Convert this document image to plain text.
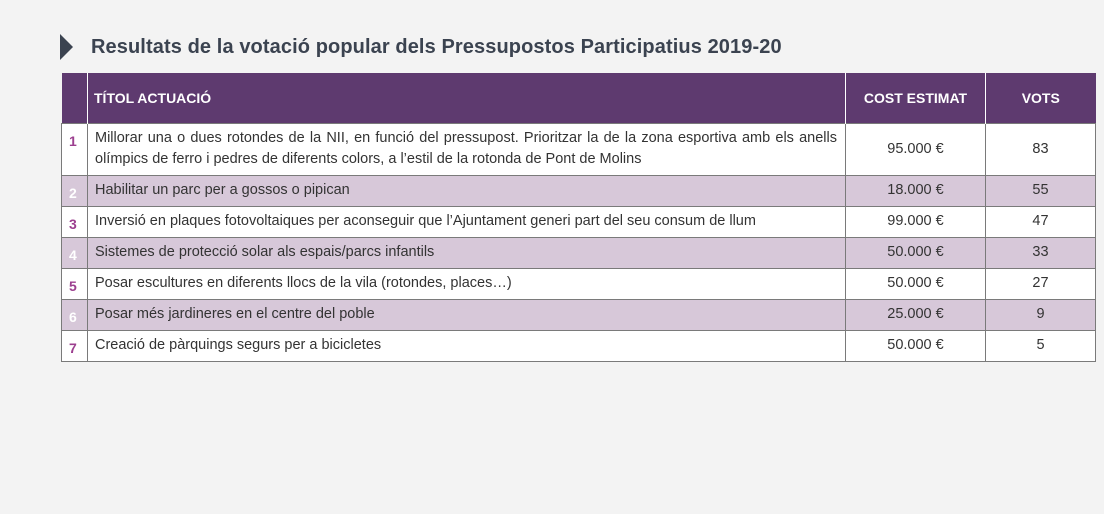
Resultats de la votació popular dels Pressupostos Participatius 2019-20
	TÍTOL ACTUACIÓ	COST ESTIMAT	VOTS
1	Millorar una o dues rotondes de la NII, en funció del pressupost. Prioritzar la de la zona esportiva amb els anells olímpics de ferro i pedres de diferents colors, a l’estil de la rotonda de Pont de Molins	95.000 €	83
2	Habilitar un parc per a gossos o pipican	18.000 €	55
3	Inversió en plaques fotovoltaiques per aconseguir que l’Ajuntament generi part del seu consum de llum	99.000 €	47
4	Sistemes de protecció solar als espais/parcs infantils	50.000 €	33
5	Posar escultures en diferents llocs de la vila (rotondes, places…)	50.000 €	27
6	Posar més jardineres en el centre del poble	25.000 €	9
7	Creació de pàrquings segurs per a bicicletes	50.000 €	5
